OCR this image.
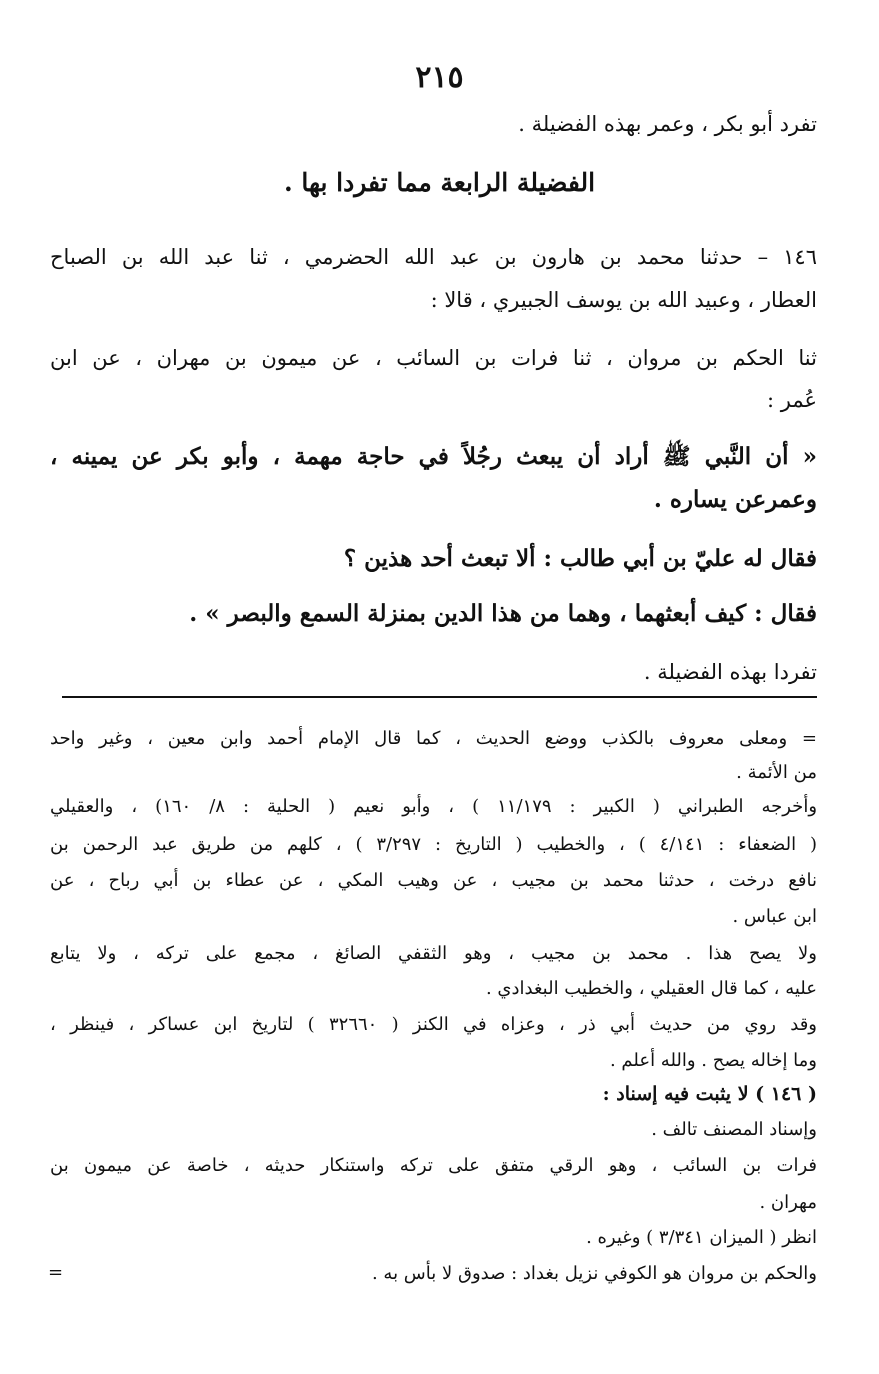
٢١٥
تفرد أبو بكر ، وعمر بهذه الفضيلة .
الفضيلة الرابعة مما تفردا بها .
١٤٦ – حدثنا محمد بن هارون بن عبد الله الحضرمي ، ثنا عبد الله بن الصباح
العطار ، وعبيد الله بن يوسف الجبيري ، قالا :
ثنا الحكم بن مروان ، ثنا فرات بن السائب ، عن ميمون بن مهران ، عن ابن
عُمر :
« أن النَّبي ﷺ أراد أن يبعث رجُلاً في حاجة مهمة ، وأبو بكر عن يمينه ،
وعمرعن يساره .
فقال له عليّ بن أبي طالب : ألا تبعث أحد هذين ؟
فقال : كيف أبعثهما ، وهما من هذا الدين بمنزلة السمع والبصر » .
تفردا بهذه الفضيلة .
= ومعلى معروف بالكذب ووضع الحديث ، كما قال الإمام أحمد وابن معين ، وغير واحد
من الأئمة .
وأخرجه الطبراني ( الكبير : ١١/١٧٩ ) ، وأبو نعيم ( الحلية : ٨/ ١٦٠) ، والعقيلي
( الضعفاء : ٤/١٤١ ) ، والخطيب ( التاريخ : ٣/٢٩٧ ) ، كلهم من طريق عبد الرحمن بن
نافع درخت ، حدثنا محمد بن مجيب ، عن وهيب المكي ، عن عطاء بن أبي رباح ، عن
ابن عباس .
ولا يصح هذا . محمد بن مجيب ، وهو الثقفي الصائغ ، مجمع على تركه ، ولا يتابع
عليه ، كما قال العقيلي ، والخطيب البغدادي .
وقد روي من حديث أبي ذر ، وعزاه في الكنز ( ٣٢٦٦٠ ) لتاريخ ابن عساكر ، فينظر ،
وما إخاله يصح . والله أعلم .
( ١٤٦ ) لا يثبت فيه إسناد :
وإسناد المصنف تالف .
فرات بن السائب ، وهو الرقي متفق على تركه واستنكار حديثه ، خاصة عن ميمون بن
مهران .
انظر ( الميزان ٣/٣٤١ ) وغيره .
والحكم بن مروان هو الكوفي نزيل بغداد : صدوق لا بأس به .
=
